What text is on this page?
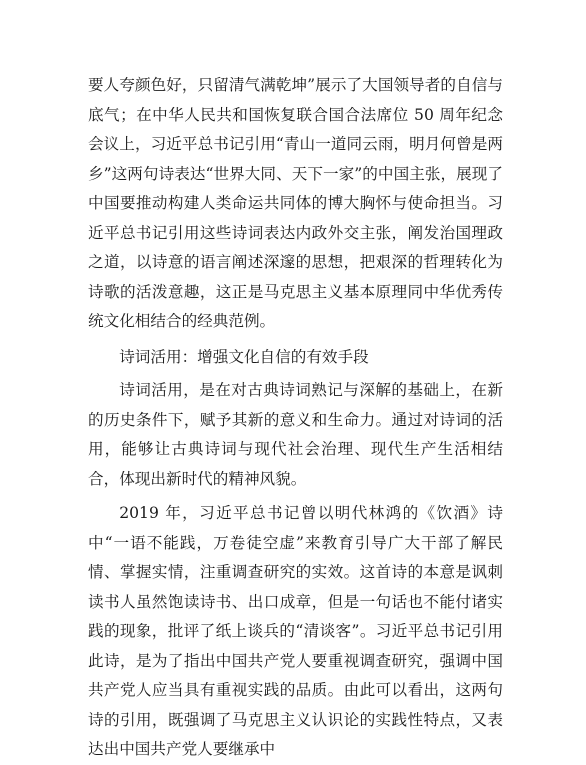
要人夸颜色好，只留清气满乾坤”展示了大国领导者的自信与底气；在中华人民共和国恢复联合国合法席位 50 周年纪念会议上，习近平总书记引用“青山一道同云雨，明月何曾是两乡”这两句诗表达“世界大同、天下一家”的中国主张，展现了中国要推动构建人类命运共同体的博大胸怀与使命担当。习近平总书记引用这些诗词表达内政外交主张，阐发治国理政之道，以诗意的语言阐述深邃的思想，把艰深的哲理转化为诗歌的活泼意趣，这正是马克思主义基本原理同中华优秀传统文化相结合的经典范例。

诗词活用：增强文化自信的有效手段

诗词活用，是在对古典诗词熟记与深解的基础上，在新的历史条件下，赋予其新的意义和生命力。通过对诗词的活用，能够让古典诗词与现代社会治理、现代生产生活相结合，体现出新时代的精神风貌。

2019 年，习近平总书记曾以明代林鸿的《饮酒》诗中“一语不能践，万卷徒空虚”来教育引导广大干部了解民情、掌握实情，注重调查研究的实效。这首诗的本意是讽刺读书人虽然饱读诗书、出口成章，但是一句话也不能付诸实践的现象，批评了纸上谈兵的“清谈客”。习近平总书记引用此诗，是为了指出中国共产党人要重视调查研究，强调中国共产党人应当具有重视实践的品质。由此可以看出，这两句诗的引用，既强调了马克思主义认识论的实践性特点，又表达出中国共产党人要继承中
